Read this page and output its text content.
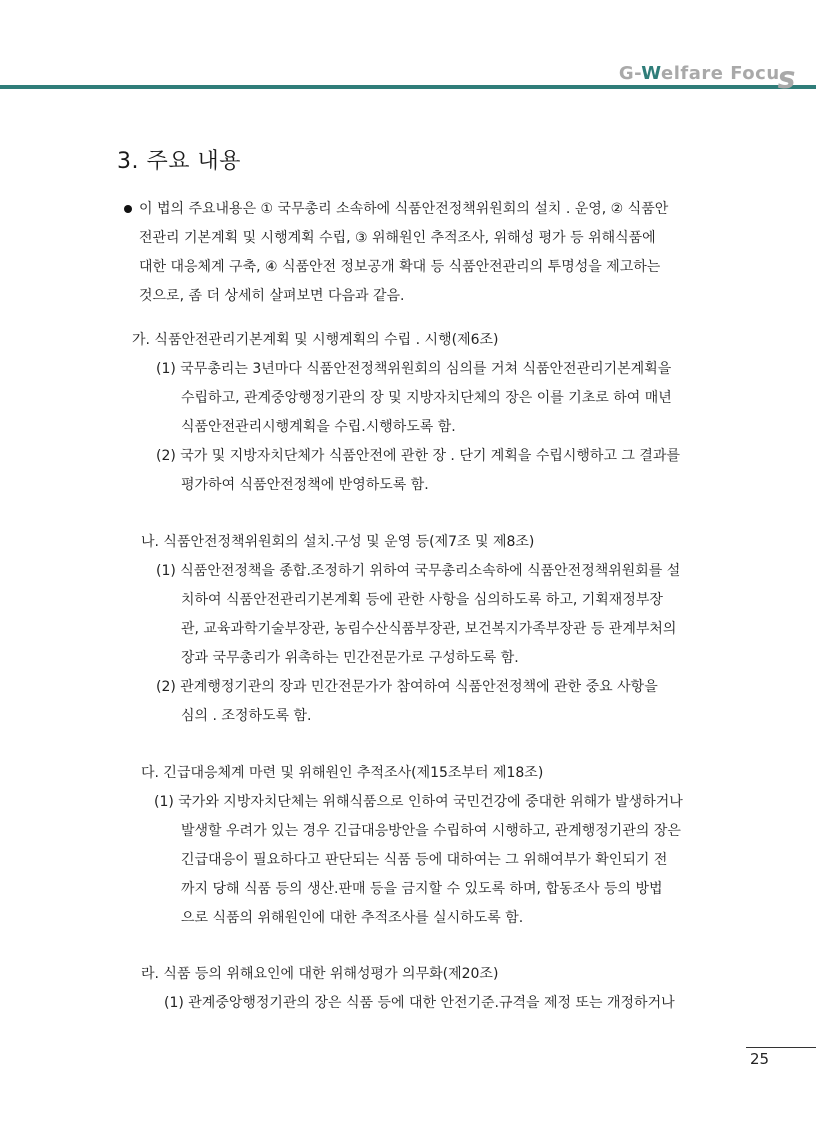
G-Welfare Focus
3. 주요 내용
이 법의 주요내용은 ① 국무총리 소속하에 식품안전정책위원회의 설치 . 운영, ② 식품안
전관리 기본계획 및 시행계획 수립, ③ 위해원인 추적조사, 위해성 평가 등 위해식품에
대한 대응체계 구축, ④ 식품안전 정보공개 확대 등 식품안전관리의 투명성을 제고하는
것으로, 좀 더 상세히 살펴보면 다음과 같음.
가. 식품안전관리기본계획 및 시행계획의 수립 . 시행(제6조)
(1) 국무총리는 3년마다 식품안전정책위원회의 심의를 거쳐 식품안전관리기본계획을
수립하고, 관계중앙행정기관의 장 및 지방자치단체의 장은 이를 기초로 하여 매년
식품안전관리시행계획을 수립.시행하도록 함.
(2) 국가 및 지방자치단체가 식품안전에 관한 장 . 단기 계획을 수립시행하고 그 결과를
평가하여 식품안전정책에 반영하도록 함.
나. 식품안전정책위원회의 설치.구성 및 운영 등(제7조 및 제8조)
(1) 식품안전정책을 종합.조정하기 위하여 국무총리소속하에 식품안전정책위원회를 설
치하여 식품안전관리기본계획 등에 관한 사항을 심의하도록 하고, 기획재정부장
관, 교육과학기술부장관, 농림수산식품부장관, 보건복지가족부장관 등 관계부처의
장과 국무총리가 위촉하는 민간전문가로 구성하도록 함.
(2) 관계행정기관의 장과 민간전문가가 참여하여 식품안전정책에 관한 중요 사항을
심의 . 조정하도록 함.
다. 긴급대응체계 마련 및 위해원인 추적조사(제15조부터 제18조)
(1) 국가와 지방자치단체는 위해식품으로 인하여 국민건강에 중대한 위해가 발생하거나
발생할 우려가 있는 경우 긴급대응방안을 수립하여 시행하고, 관계행정기관의 장은
긴급대응이 필요하다고 판단되는 식품 등에 대하여는 그 위해여부가 확인되기 전
까지 당해 식품 등의 생산.판매 등을 금지할 수 있도록 하며, 합동조사 등의 방법
으로 식품의 위해원인에 대한 추적조사를 실시하도록 함.
라. 식품 등의 위해요인에 대한 위해성평가 의무화(제20조)
(1) 관계중앙행정기관의 장은 식품 등에 대한 안전기준.규격을 제정 또는 개정하거나
25
